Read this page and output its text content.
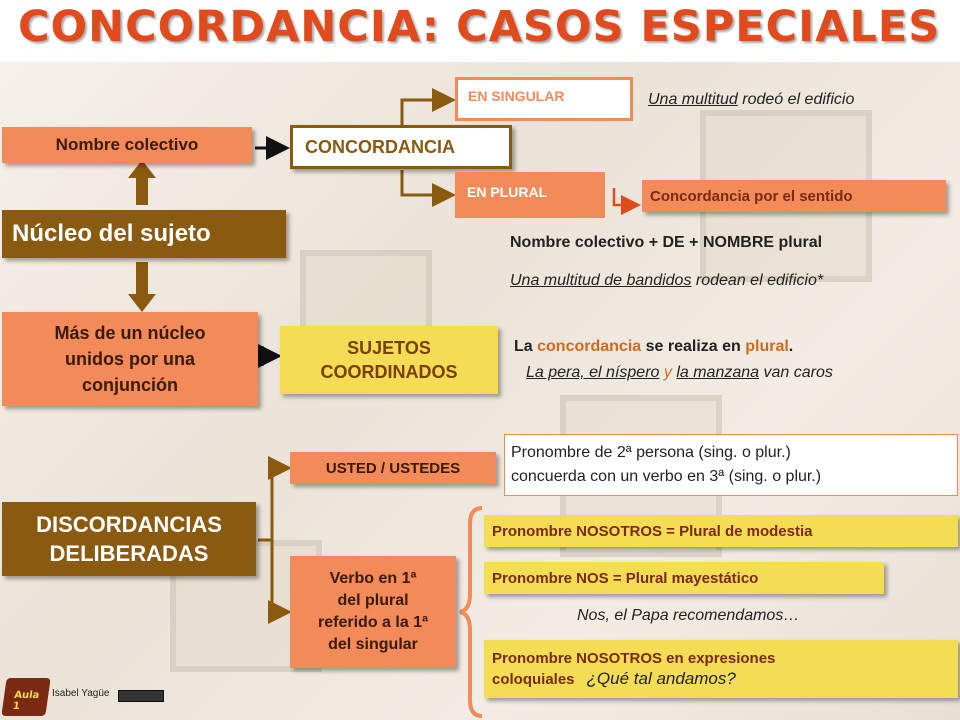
CONCORDANCIA: CASOS ESPECIALES
Nombre colectivo
Núcleo del sujeto
Más de un núcleo
unidos por una
conjunción
DISCORDANCIAS
DELIBERADAS
CONCORDANCIA
EN SINGULAR	Una multitud rodeó el edificio
EN PLURAL	Concordancia por el sentido
Nombre colectivo + DE + NOMBRE plural
Una multitud de bandidos rodean el edificio*
SUJETOS
COORDINADOS
La concordancia se realiza en plural.
La pera, el níspero y la manzana van caros
USTED / USTEDES
Pronombre de 2ª persona (sing. o plur.)
concuerda con un verbo en 3ª (sing. o plur.)
Verbo en 1ª
del plural
referido a la 1ª
del singular
Pronombre NOSOTROS = Plural de modestia
Pronombre NOS = Plural mayestático
Nos, el Papa recomendamos…
Pronombre NOSOTROS en expresiones
coloquiales ¿Qué tal andamos?
Aula 1
Isabel Yagüe
